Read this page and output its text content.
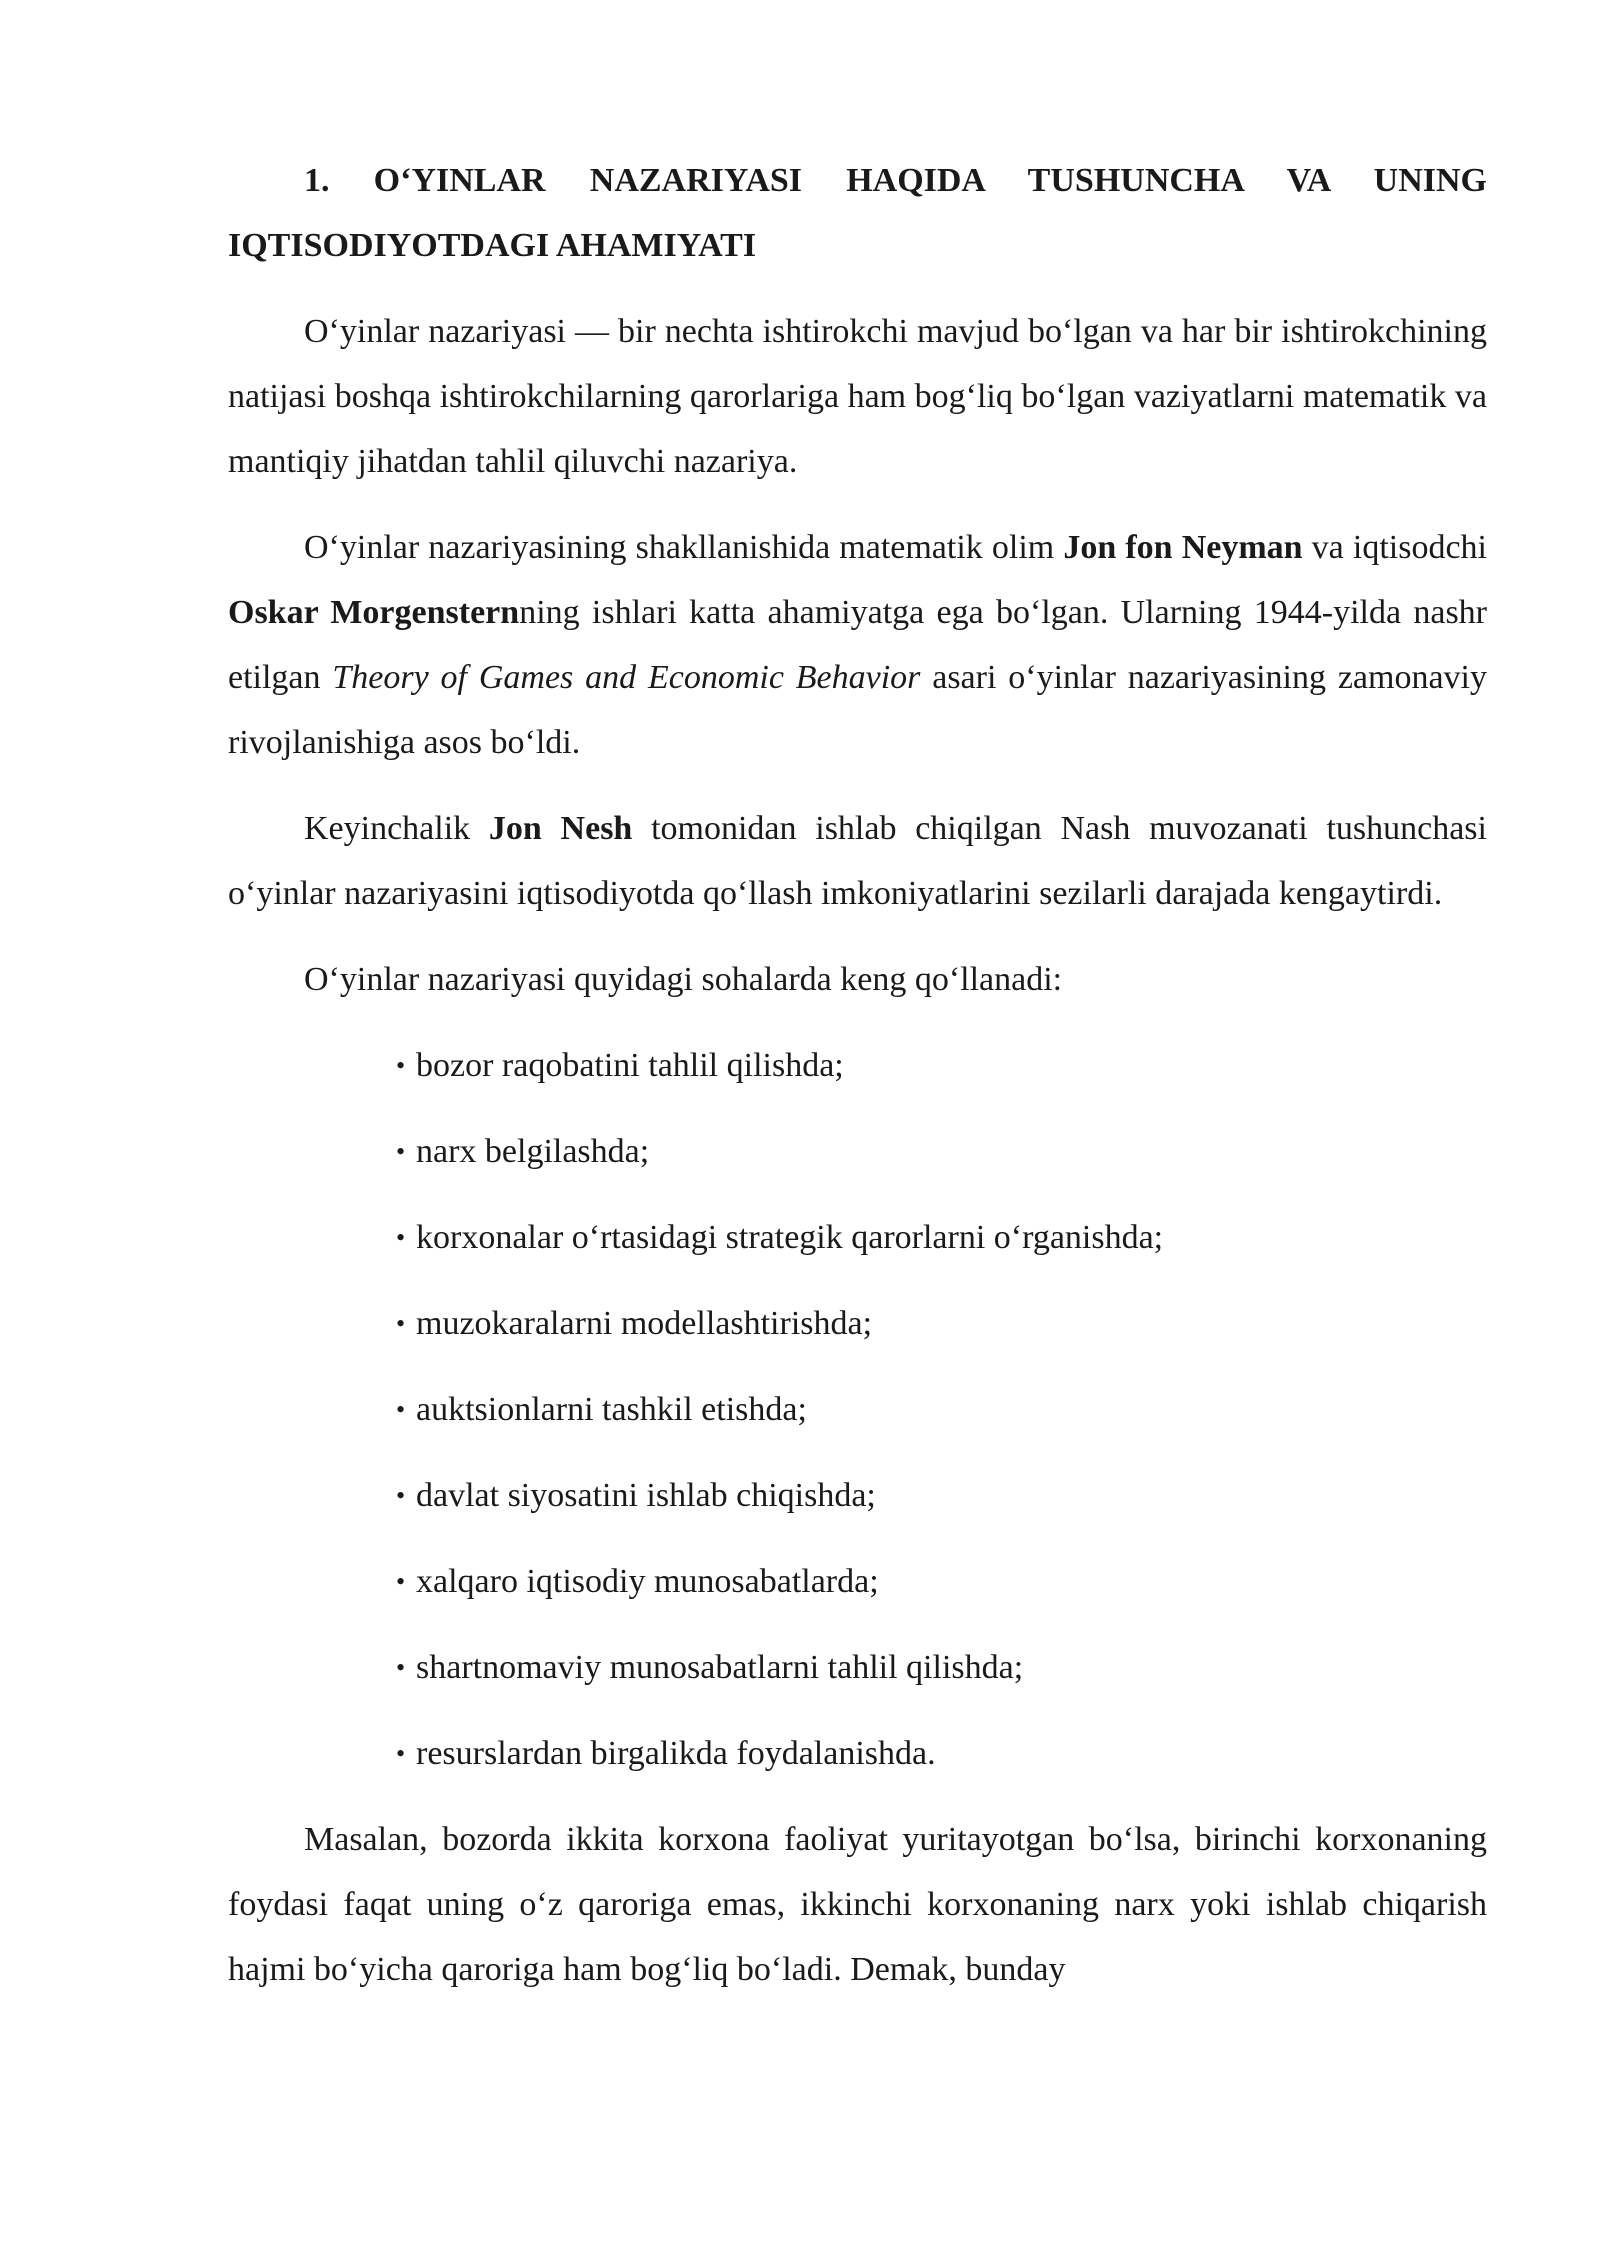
1. O‘YINLAR NAZARIYASI HAQIDA TUSHUNCHA VA UNING IQTISODIYOTDAGI AHAMIYATI

O‘yinlar nazariyasi — bir nechta ishtirokchi mavjud bo‘lgan va har bir ishtirokchining natijasi boshqa ishtirokchilarning qarorlariga ham bog‘liq bo‘lgan vaziyatlarni matematik va mantiqiy jihatdan tahlil qiluvchi nazariya.

O‘yinlar nazariyasining shakllanishida matematik olim Jon fon Neyman va iqtisodchi Oskar Morgensternning ishlari katta ahamiyatga ega bo‘lgan. Ularning 1944-yilda nashr etilgan Theory of Games and Economic Behavior asari o‘yinlar nazariyasining zamonaviy rivojlanishiga asos bo‘ldi.

Keyinchalik Jon Nesh tomonidan ishlab chiqilgan Nash muvozanati tushunchasi o‘yinlar nazariyasini iqtisodiyotda qo‘llash imkoniyatlarini sezilarli darajada kengaytirdi.

O‘yinlar nazariyasi quyidagi sohalarda keng qo‘llanadi:

• bozor raqobatini tahlil qilishda;
• narx belgilashda;
• korxonalar o‘rtasidagi strategik qarorlarni o‘rganishda;
• muzokaralarni modellashtirishda;
• auktsionlarni tashkil etishda;
• davlat siyosatini ishlab chiqishda;
• xalqaro iqtisodiy munosabatlarda;
• shartnomaviy munosabatlarni tahlil qilishda;
• resurslardan birgalikda foydalanishda.

Masalan, bozorda ikkita korxona faoliyat yuritayotgan bo‘lsa, birinchi korxonaning foydasi faqat uning o‘z qaroriga emas, ikkinchi korxonaning narx yoki ishlab chiqarish hajmi bo‘yicha qaroriga ham bog‘liq bo‘ladi. Demak, bunday
